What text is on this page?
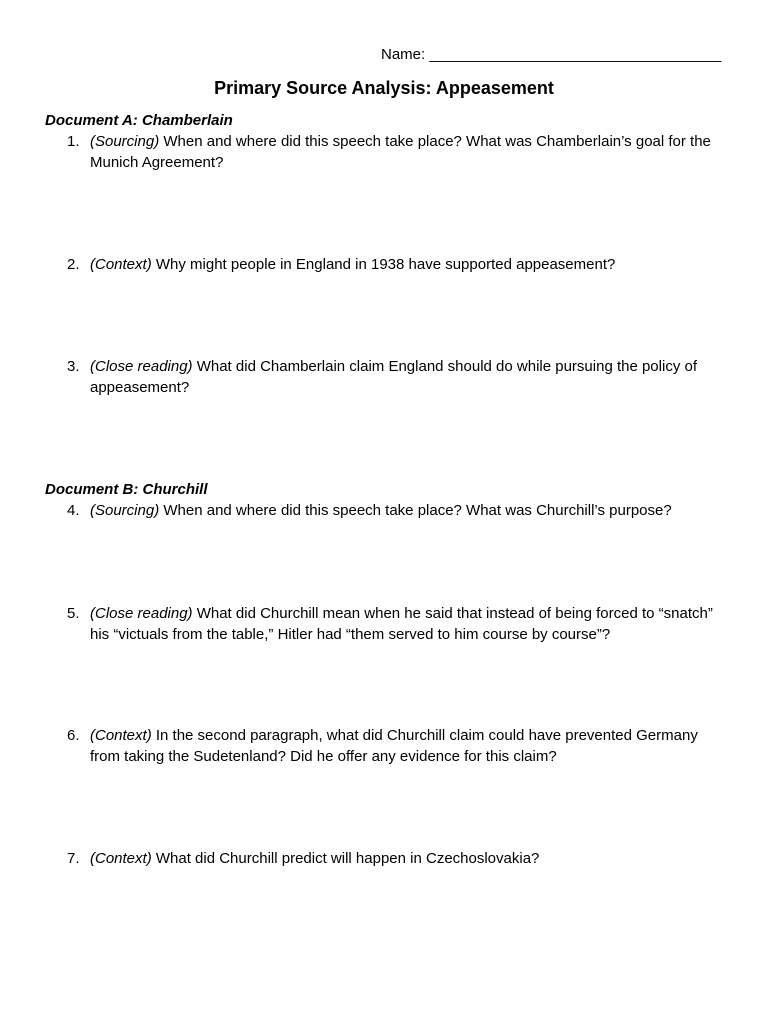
Name: ___________________________________
Primary Source Analysis: Appeasement
Document A: Chamberlain
1. (Sourcing) When and where did this speech take place? What was Chamberlain’s goal for the Munich Agreement?
2. (Context) Why might people in England in 1938 have supported appeasement?
3. (Close reading) What did Chamberlain claim England should do while pursuing the policy of appeasement?
Document B: Churchill
4. (Sourcing) When and where did this speech take place? What was Churchill’s purpose?
5. (Close reading) What did Churchill mean when he said that instead of being forced to “snatch” his “victuals from the table,” Hitler had “them served to him course by course”?
6. (Context) In the second paragraph, what did Churchill claim could have prevented Germany from taking the Sudetenland? Did he offer any evidence for this claim?
7. (Context) What did Churchill predict will happen in Czechoslovakia?
